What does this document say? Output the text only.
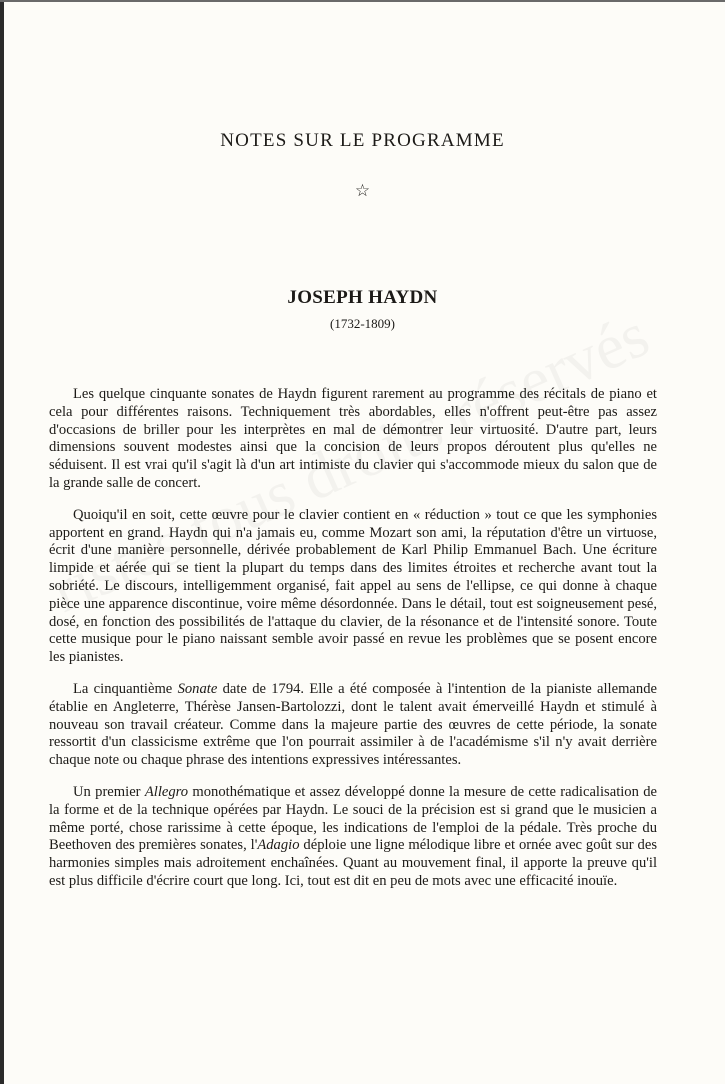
NOTES SUR LE PROGRAMME
☆
JOSEPH HAYDN
(1732-1809)

Les quelque cinquante sonates de Haydn figurent rarement au programme des récitals de piano et cela pour différentes raisons. Techniquement très abordables, elles n'offrent peut-être pas assez d'occasions de briller pour les interprètes en mal de démontrer leur virtuosité. D'autre part, leurs dimensions souvent modestes ainsi que la concision de leurs propos déroutent plus qu'elles ne séduisent. Il est vrai qu'il s'agit là d'un art intimiste du clavier qui s'accommode mieux du salon que de la grande salle de concert.

Quoiqu'il en soit, cette œuvre pour le clavier contient en « réduction » tout ce que les symphonies apportent en grand. Haydn qui n'a jamais eu, comme Mozart son ami, la réputation d'être un virtuose, écrit d'une manière personnelle, dérivée probablement de Karl Philip Emmanuel Bach. Une écriture limpide et aérée qui se tient la plupart du temps dans des limites étroites et recherche avant tout la sobriété. Le discours, intelligemment organisé, fait appel au sens de l'ellipse, ce qui donne à chaque pièce une apparence discontinue, voire même désordonnée. Dans le détail, tout est soigneusement pesé, dosé, en fonction des possibilités de l'attaque du clavier, de la résonance et de l'intensité sonore. Toute cette musique pour le piano naissant semble avoir passé en revue les problèmes que se posent encore les pianistes.

La cinquantième Sonate date de 1794. Elle a été composée à l'intention de la pianiste allemande établie en Angleterre, Thérèse Jansen-Bartolozzi, dont le talent avait émerveillé Haydn et stimulé à nouveau son travail créateur. Comme dans la majeure partie des œuvres de cette période, la sonate ressortit d'un classicisme extrême que l'on pourrait assimiler à de l'académisme s'il n'y avait derrière chaque note ou chaque phrase des intentions expressives intéressantes.

Un premier Allegro monothématique et assez développé donne la mesure de cette radicalisation de la forme et de la technique opérées par Haydn. Le souci de la précision est si grand que le musicien a même porté, chose rarissime à cette époque, les indications de l'emploi de la pédale. Très proche du Beethoven des premières sonates, l'Adagio déploie une ligne mélodique libre et ornée avec goût sur des harmonies simples mais adroitement enchaînées. Quant au mouvement final, il apporte la preuve qu'il est plus difficile d'écrire court que long. Ici, tout est dit en peu de mots avec une efficacité inouïe.
